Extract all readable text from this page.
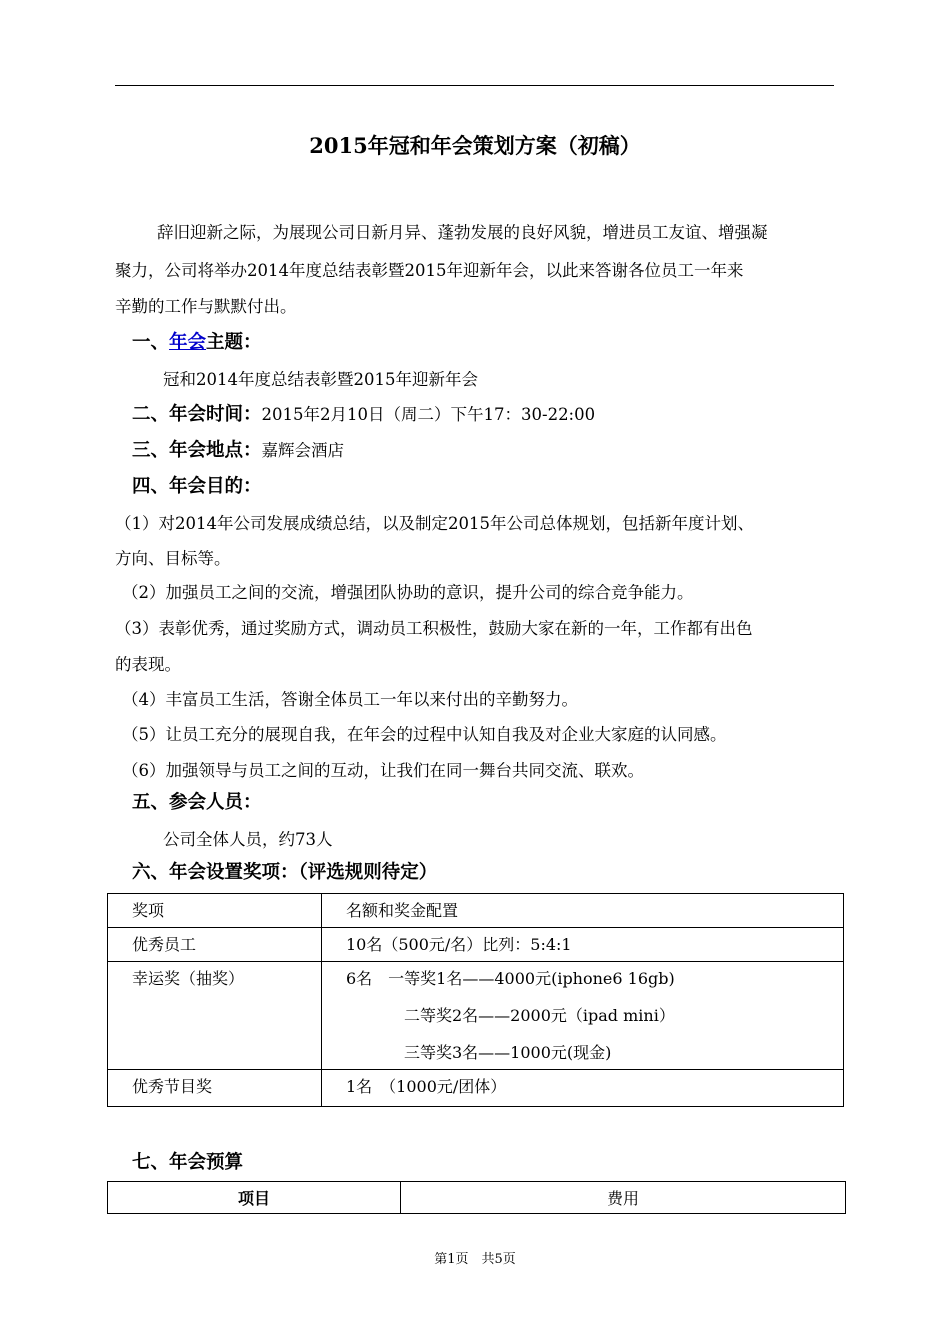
2015年冠和年会策划方案（初稿）
辞旧迎新之际，为展现公司日新月异、蓬勃发展的良好风貌，增进员工友谊、增强凝
聚力，公司将举办2014年度总结表彰暨2015年迎新年会，以此来答谢各位员工一年来
辛勤的工作与默默付出。
一、年会主题：
冠和2014年度总结表彰暨2015年迎新年会
二、年会时间：2015年2月10日（周二）下午17：30-22:00
三、年会地点：嘉辉会酒店
四、年会目的：
（1）对2014年公司发展成绩总结，以及制定2015年公司总体规划，包括新年度计划、
方向、目标等。
（2）加强员工之间的交流，增强团队协助的意识，提升公司的综合竞争能力。
（3）表彰优秀，通过奖励方式，调动员工积极性，鼓励大家在新的一年，工作都有出色
的表现。
（4）丰富员工生活，答谢全体员工一年以来付出的辛勤努力。
（5）让员工充分的展现自我，在年会的过程中认知自我及对企业大家庭的认同感。
（6）加强领导与员工之间的互动，让我们在同一舞台共同交流、联欢。
五、参会人员：
公司全体人员，约73人
六、年会设置奖项：（评选规则待定）
奖项	名额和奖金配置
优秀员工	10名（500元/名）比列：5:4:1
幸运奖（抽奖）	6名　一等奖1名——4000元(iphone6 16gb)
二等奖2名——2000元（ipad mini）
三等奖3名——1000元(现金)

优秀节目奖	1名　（1000元/团体）
七、年会预算
项目	费用
第1页　共5页
